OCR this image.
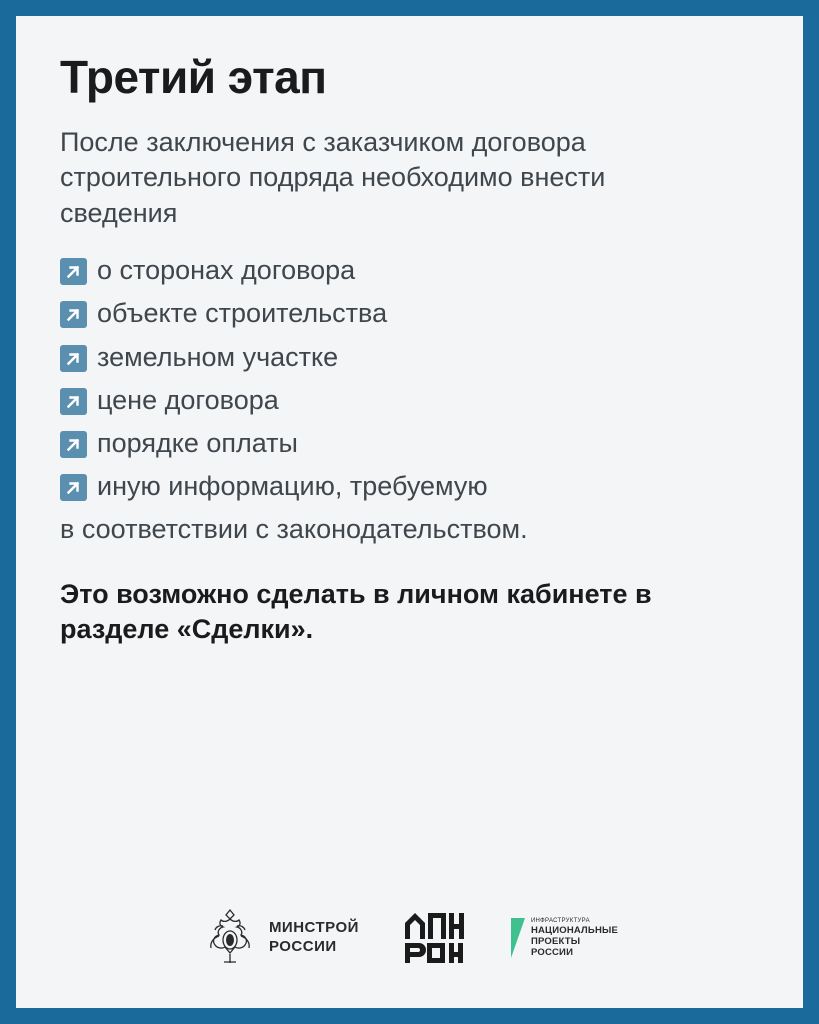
Третий этап

После заключения с заказчиком договора строительного подряда необходимо внести сведения

о сторонах договора
объекте строительства
земельном участке
цене договора
порядке оплаты
иную информацию, требуемую

в соответствии с законодательством.

Это возможно сделать в личном кабинете в разделе «Сделки».

МИНСТРОЙ
РОССИИ
ИНФРАСТРУКТУРА
НАЦИОНАЛЬНЫЕ
ПРОЕКТЫ
РОССИИ
